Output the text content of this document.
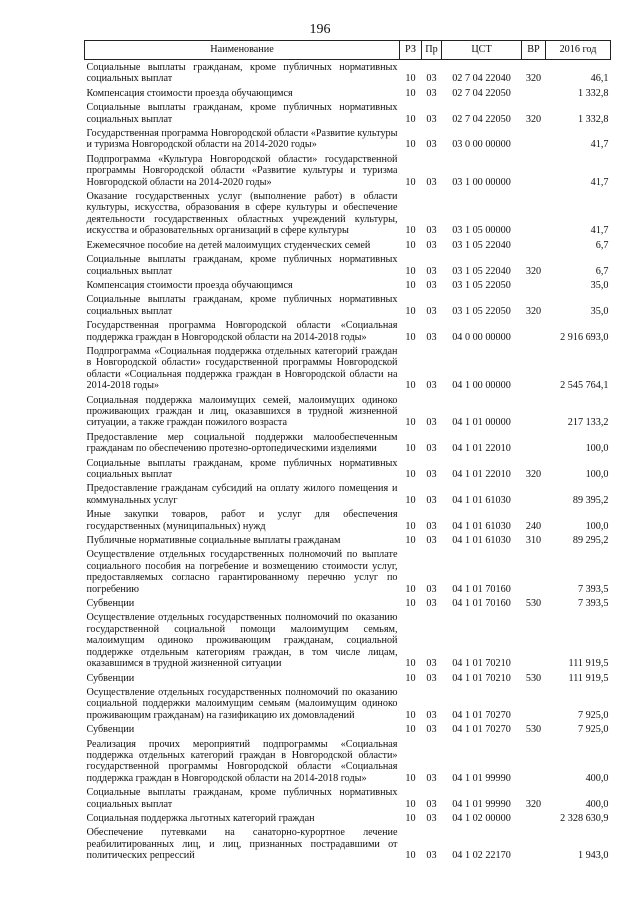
196
Наименование	РЗ	Пр	ЦСТ	ВР	2016 год
Социальные выплаты гражданам, кроме публичных нормативных социальных выплат	10	03	02 7 04 22040	320	46,1
Компенсация стоимости проезда обучающимся	10	03	02 7 04 22050		1 332,8
Социальные выплаты гражданам, кроме публичных нормативных социальных выплат	10	03	02 7 04 22050	320	1 332,8
Государственная программа Новгородской области «Развитие культуры и туризма Новгородской области на 2014-2020 годы»	10	03	03 0 00 00000		41,7
Подпрограмма «Культура Новгородской области» государственной программы Новгородской области «Развитие культуры и туризма Новгородской области на 2014-2020 годы»	10	03	03 1 00 00000		41,7
Оказание государственных услуг (выполнение работ) в области культуры, искусства, образования в сфере культуры и обеспечение деятельности государственных областных учреждений культуры, искусства и образовательных организаций в сфере культуры	10	03	03 1 05 00000		41,7
Ежемесячное пособие на детей малоимущих студенческих семей	10	03	03 1 05 22040		6,7
Социальные выплаты гражданам, кроме публичных нормативных социальных выплат	10	03	03 1 05 22040	320	6,7
Компенсация стоимости проезда обучающимся	10	03	03 1 05 22050		35,0
Социальные выплаты гражданам, кроме публичных нормативных социальных выплат	10	03	03 1 05 22050	320	35,0
Государственная программа Новгородской области «Социальная поддержка граждан в Новгородской области на 2014-2018 годы»	10	03	04 0 00 00000		2 916 693,0
Подпрограмма «Социальная поддержка отдельных категорий граждан в Новгородской области» государственной программы Новгородской области «Социальная поддержка граждан в Новгородской области на 2014-2018 годы»	10	03	04 1 00 00000		2 545 764,1
Социальная поддержка малоимущих семей, малоимущих одиноко проживающих граждан и лиц, оказавшихся в трудной жизненной ситуации, а также граждан пожилого возраста	10	03	04 1 01 00000		217 133,2
Предоставление мер социальной поддержки малообеспеченным гражданам по обеспечению протезно-ортопедическими изделиями	10	03	04 1 01 22010		100,0
Социальные выплаты гражданам, кроме публичных нормативных социальных выплат	10	03	04 1 01 22010	320	100,0
Предоставление гражданам субсидий на оплату жилого помещения и коммунальных услуг	10	03	04 1 01 61030		89 395,2
Иные закупки товаров, работ и услуг для обеспечения государственных (муниципальных) нужд	10	03	04 1 01 61030	240	100,0
Публичные нормативные социальные выплаты гражданам	10	03	04 1 01 61030	310	89 295,2
Осуществление отдельных государственных полномочий по выплате социального пособия на погребение и возмещению стоимости услуг, предоставляемых согласно гарантированному перечню услуг по погребению	10	03	04 1 01 70160		7 393,5
Субвенции	10	03	04 1 01 70160	530	7 393,5
Осуществление отдельных государственных полномочий по оказанию государственной социальной помощи малоимущим семьям, малоимущим одиноко проживающим гражданам, социальной поддержке отдельным категориям граждан, в том числе лицам, оказавшимся в трудной жизненной ситуации	10	03	04 1 01 70210		111 919,5
Субвенции	10	03	04 1 01 70210	530	111 919,5
Осуществление отдельных государственных полномочий по оказанию социальной поддержки малоимущим семьям (малоимущим одиноко проживающим гражданам) на газификацию их домовладений	10	03	04 1 01 70270		7 925,0
Субвенции	10	03	04 1 01 70270	530	7 925,0
Реализация прочих мероприятий подпрограммы «Социальная поддержка отдельных категорий граждан в Новгородской области» государственной программы Новгородской области «Социальная поддержка граждан в Новгородской области на 2014-2018 годы»	10	03	04 1 01 99990		400,0
Социальные выплаты гражданам, кроме публичных нормативных социальных выплат	10	03	04 1 01 99990	320	400,0
Социальная поддержка льготных категорий граждан	10	03	04 1 02 00000		2 328 630,9
Обеспечение путевками на санаторно-курортное лечение реабилитированных лиц, и лиц, признанных пострадавшими от политических репрессий	10	03	04 1 02 22170		1 943,0
